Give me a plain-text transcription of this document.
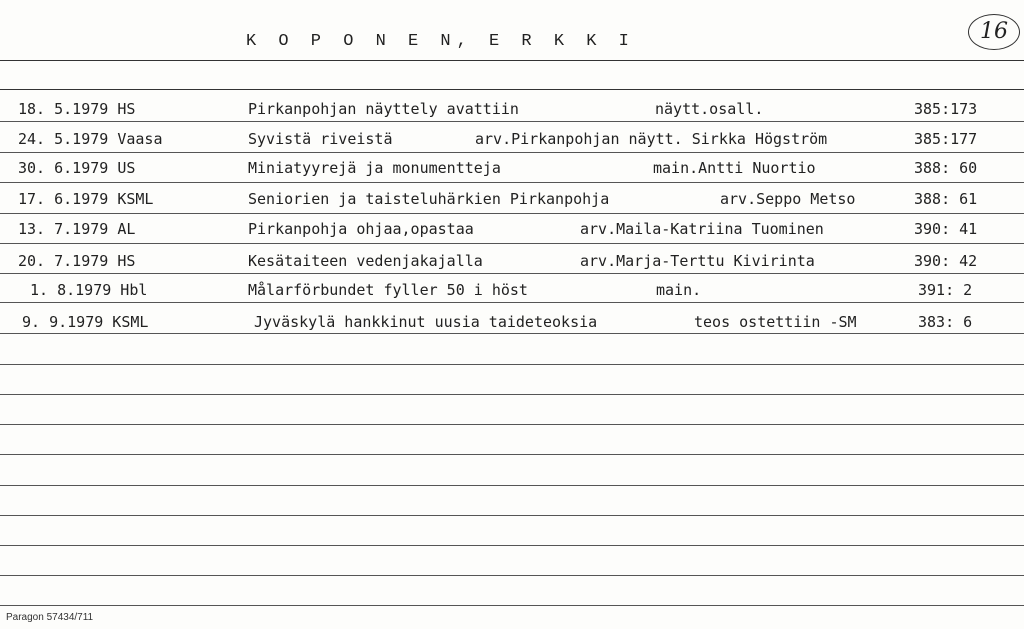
K O P O N E N, E R K K I	16
18. 5.1979 HS	Pirkanpohjan näyttely avattiin	näytt.osall.	385:173
24. 5.1979 Vaasa	Syvistä riveistä	arv.Pirkanpohjan näytt. Sirkka Högström	385:177
30. 6.1979 US	Miniatyyrejä ja monumentteja	main.Antti Nuortio	388: 60
17. 6.1979 KSML	Seniorien ja taisteluhärkien Pirkanpohja	arv.Seppo Metso	388: 61
13. 7.1979 AL	Pirkanpohja ohjaa,opastaa	arv.Maila-Katriina Tuominen	390: 41
20. 7.1979 HS	Kesätaiteen vedenjakajalla	arv.Marja-Terttu Kivirinta	390: 42
1. 8.1979 Hbl	Målarförbundet fyller 50 i höst	main.	391: 2
9. 9.1979 KSML	Jyväskylä hankkinut uusia taideteoksia	teos ostettiin -SM	383: 6
Paragon 57434/711
